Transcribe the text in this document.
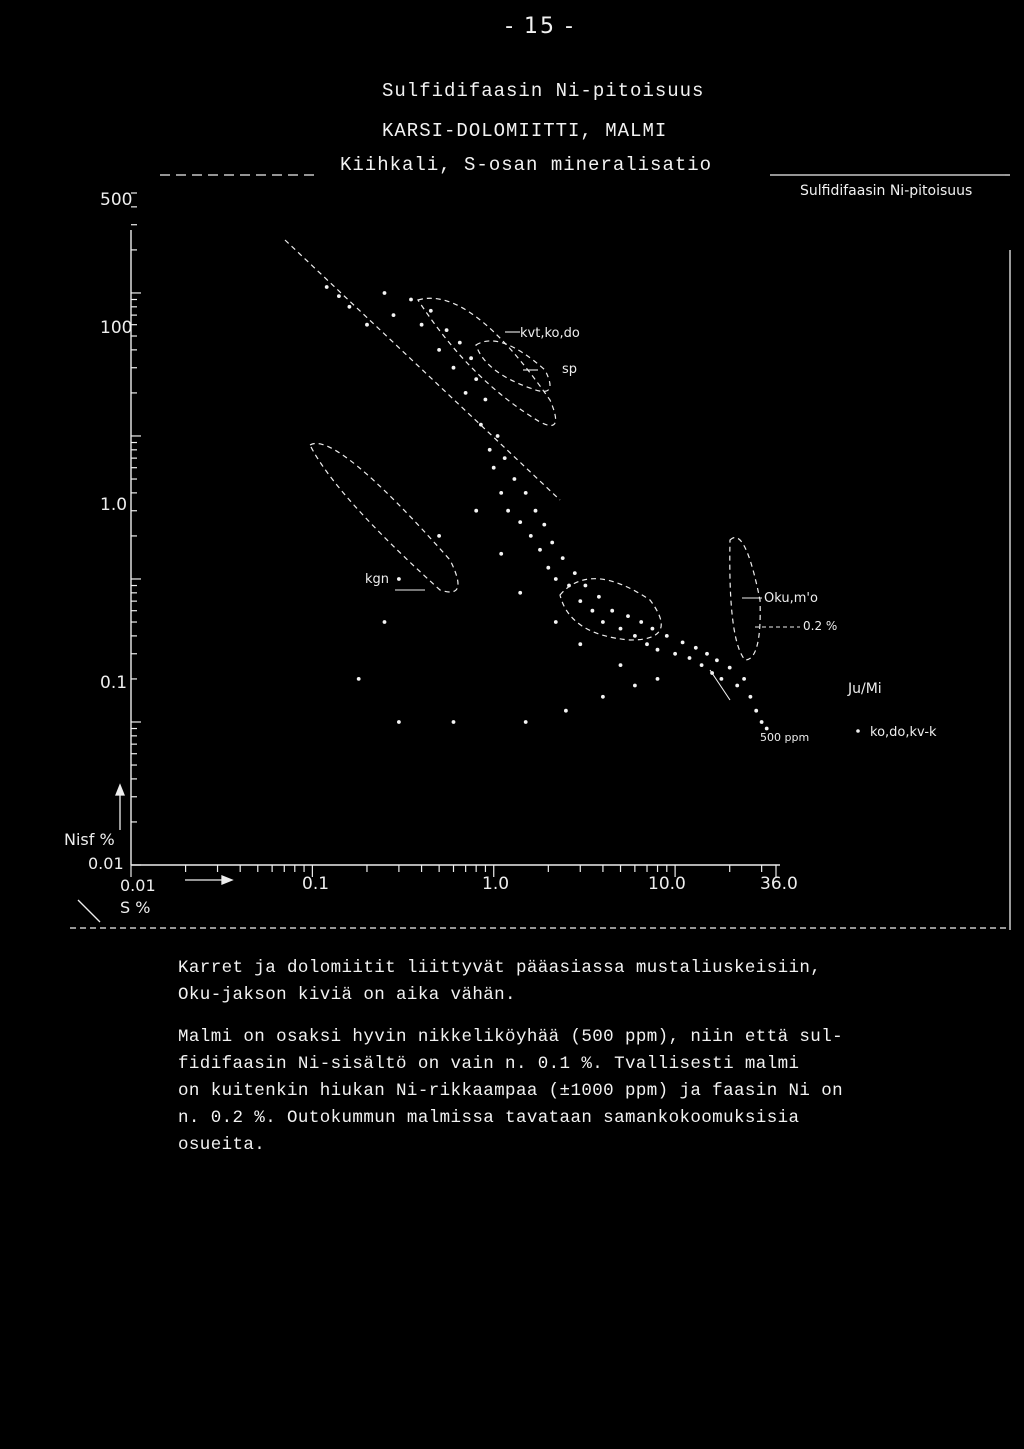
- 15 -
Sulfidifaasin Ni-pitoisuus
KARSI-DOLOMIITTI, MALMI
Kiihkali, S-osan mineralisatio
Sulfidifaasin Ni-pitoisuus
500
100
1.0
0.1
Nisf %
0.01
0.01
S %
0.1	1.0	10.0	36.0
kvt,ko,do
sp
kgn
Oku,m'o
0.2 %
500 ppm
Ju/Mi
ko,do,kv-k
Karret ja dolomiitit liittyvät pääasiassa mustaliuskeisiin,
Oku-jakson kiviä on aika vähän.
Malmi on osaksi hyvin nikkeliköyhää (500 ppm), niin että sul-
fidifaasin Ni-sisältö on vain n. 0.1 %. Tvallisesti malmi
on kuitenkin hiukan Ni-rikkaampaa (±1000 ppm) ja faasin Ni on
n. 0.2 %. Outokummun malmissa tavataan samankokoomuksisia
osueita.
